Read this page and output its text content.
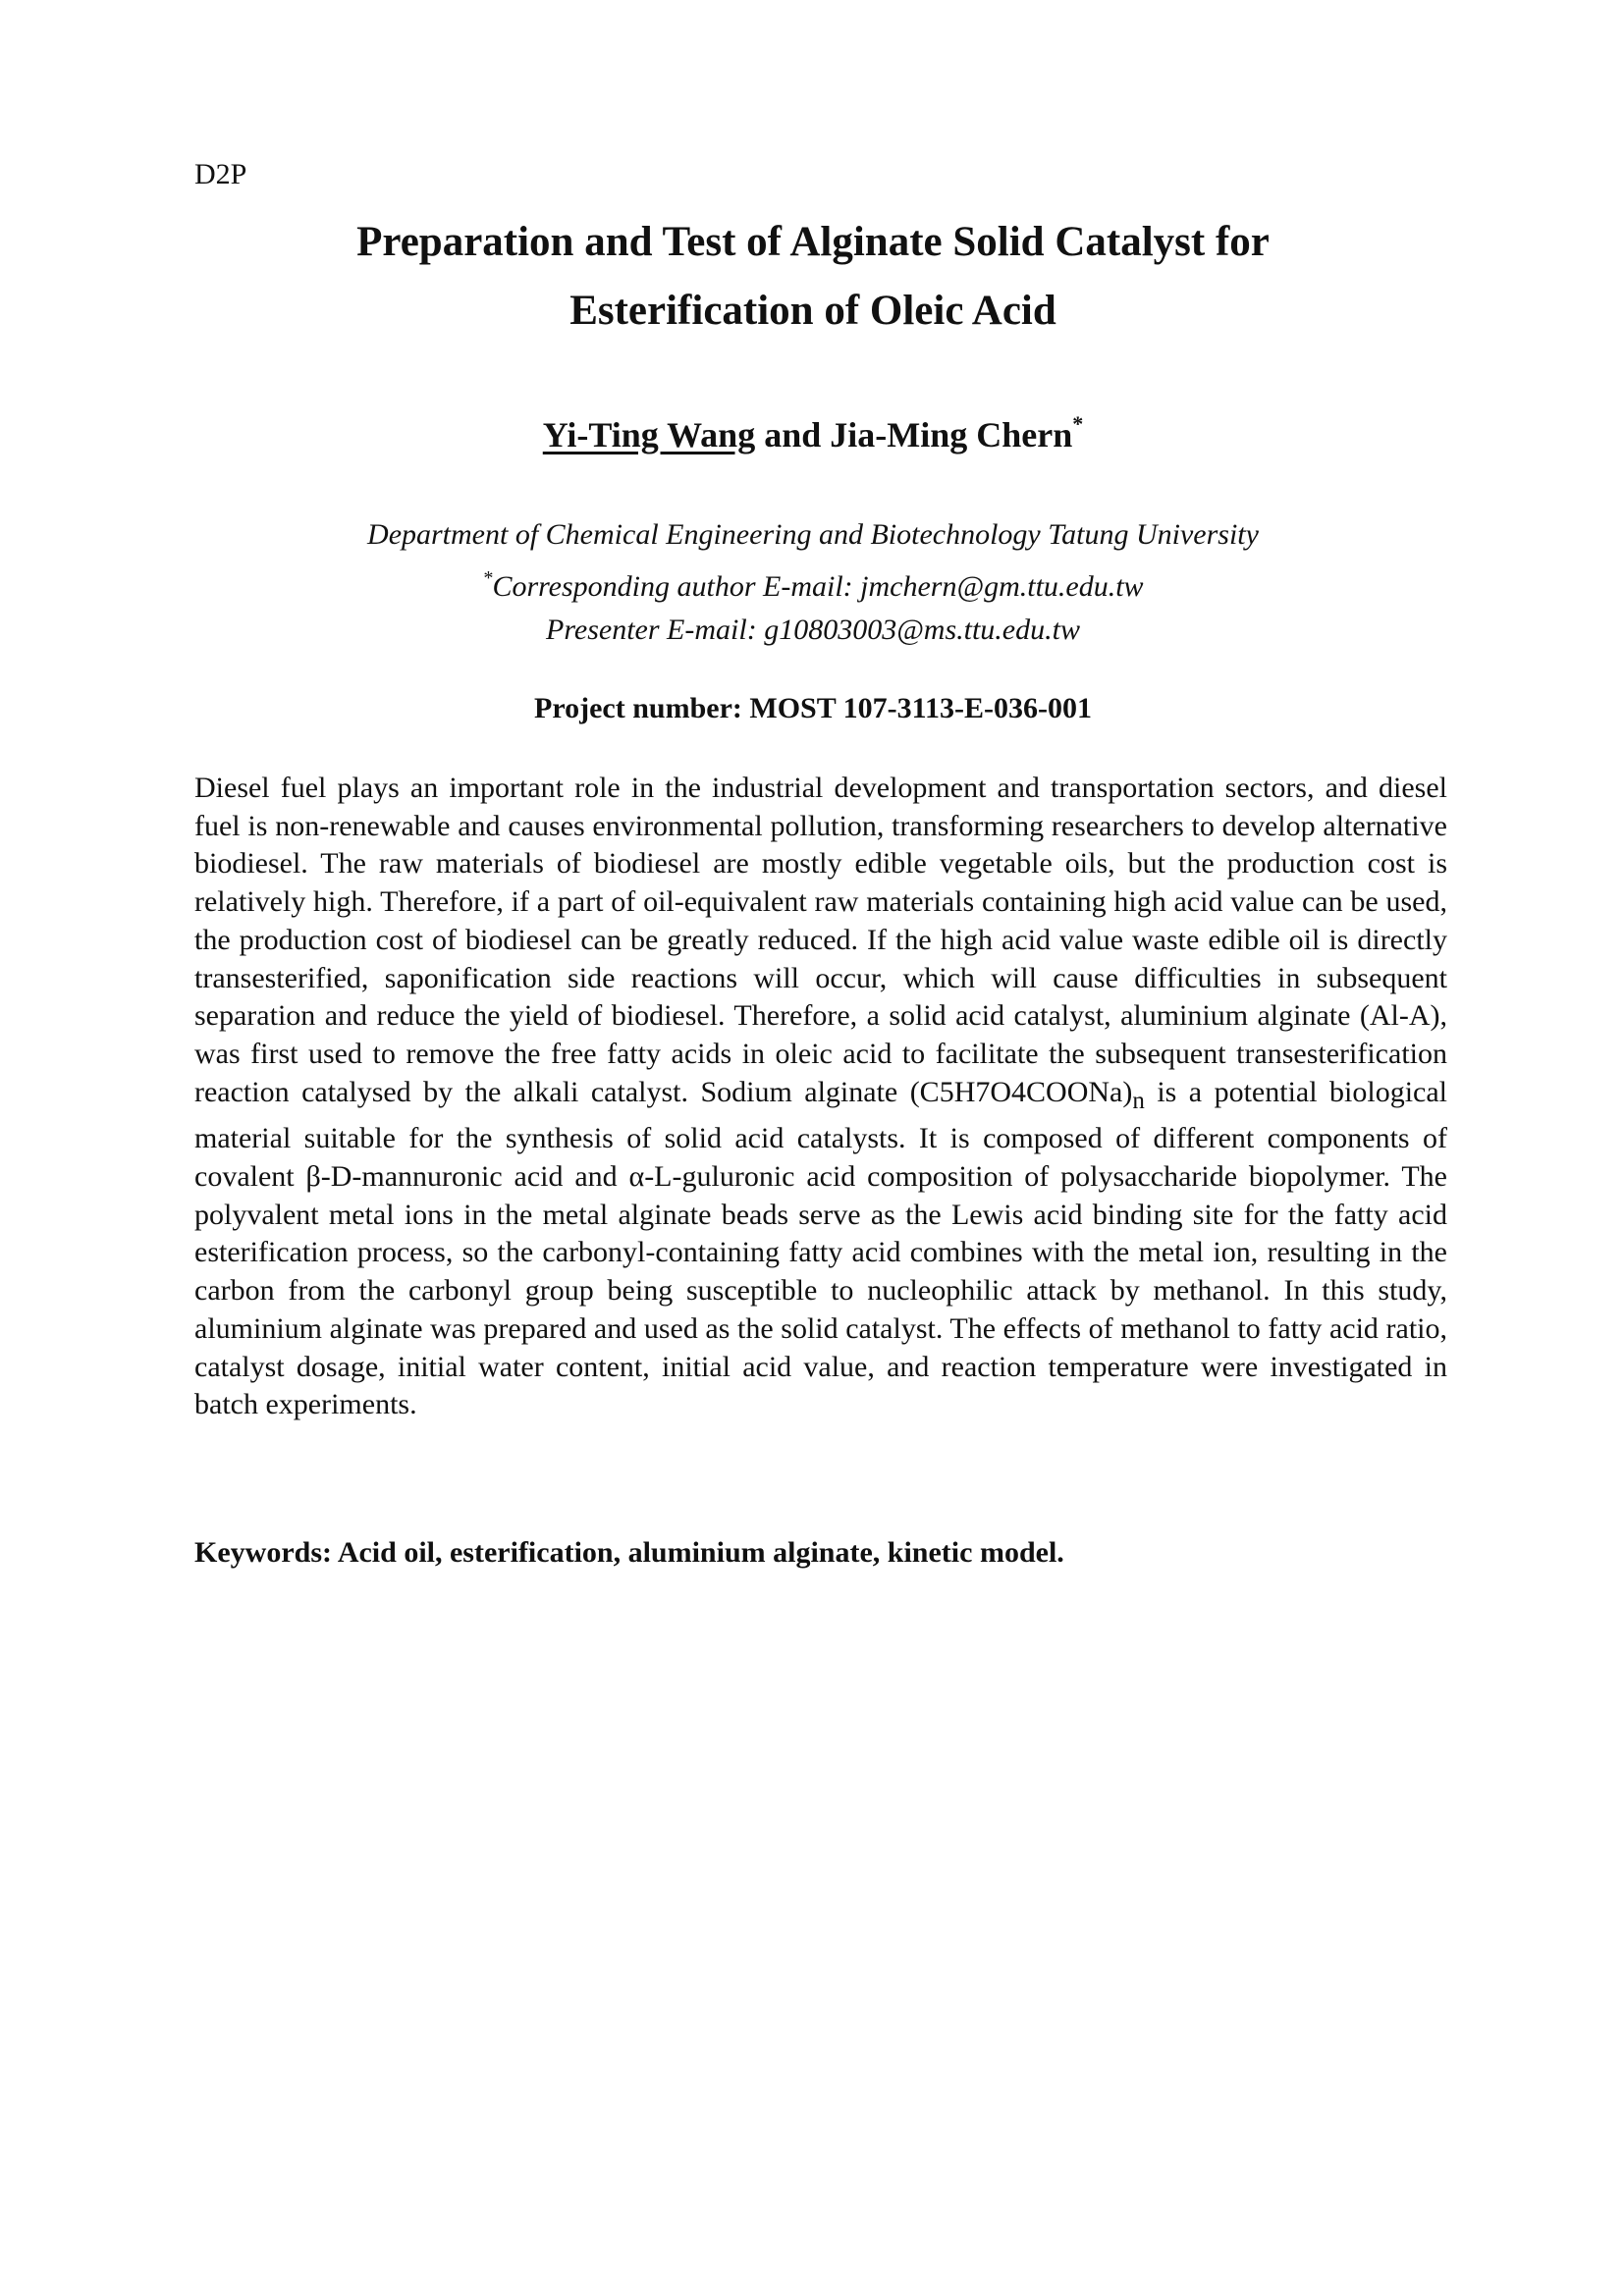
D2P
Preparation and Test of Alginate Solid Catalyst for
Esterification of Oleic Acid
Yi-Ting Wang and Jia-Ming Chern*
Department of Chemical Engineering and Biotechnology Tatung University
*Corresponding author E-mail: jmchern@gm.ttu.edu.tw
Presenter E-mail: g10803003@ms.ttu.edu.tw
Project number: MOST 107-3113-E-036-001

Diesel fuel plays an important role in the industrial development and transportation sectors, and diesel fuel is non-renewable and causes environmental pollution, transforming researchers to develop alternative biodiesel. The raw materials of biodiesel are mostly edible vegetable oils, but the production cost is relatively high. Therefore, if a part of oil-equivalent raw materials containing high acid value can be used, the production cost of biodiesel can be greatly reduced. If the high acid value waste edible oil is directly transesterified, saponification side reactions will occur, which will cause difficulties in subsequent separation and reduce the yield of biodiesel. Therefore, a solid acid catalyst, aluminium alginate (Al-A), was first used to remove the free fatty acids in oleic acid to facilitate the subsequent transesterification reaction catalysed by the alkali catalyst. Sodium alginate $(C5H7O4COONa)_n$ is a potential biological material suitable for the synthesis of solid acid catalysts. It is composed of different components of covalent β-D-mannuronic acid and α-L-guluronic acid composition of polysaccharide biopolymer. The polyvalent metal ions in the metal alginate beads serve as the Lewis acid binding site for the fatty acid esterification process, so the carbonyl-containing fatty acid combines with the metal ion, resulting in the carbon from the carbonyl group being susceptible to nucleophilic attack by methanol. In this study, aluminium alginate was prepared and used as the solid catalyst. The effects of methanol to fatty acid ratio, catalyst dosage, initial water content, initial acid value, and reaction temperature were investigated in batch experiments.

Keywords: Acid oil, esterification, aluminium alginate, kinetic model.
